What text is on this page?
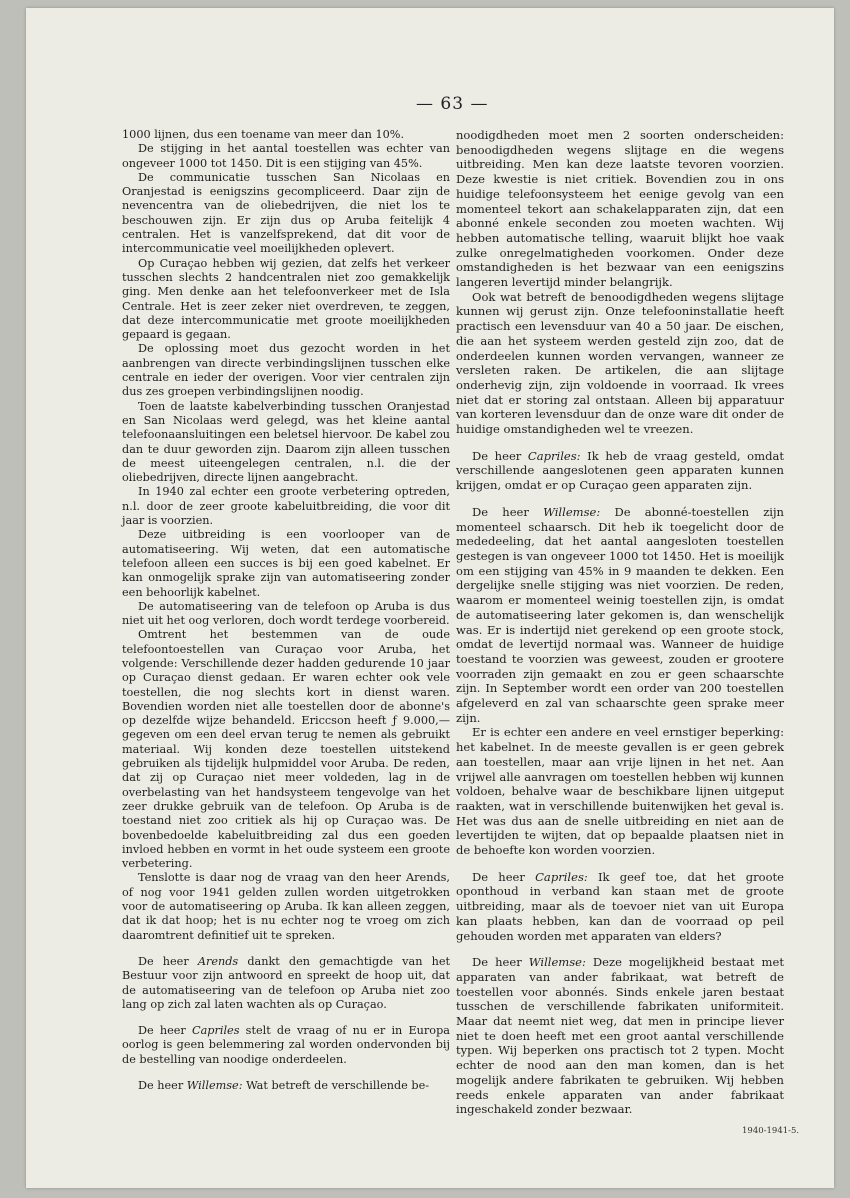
— 63 —

1000 lijnen, dus een toename van meer dan 10%.

De stijging in het aantal toestellen was echter van ongeveer 1000 tot 1450. Dit is een stijging van 45%.

De communicatie tusschen San Nicolaas en Oranjestad is eenigszins gecompliceerd. Daar zijn de nevencentra van de oliebedrijven, die niet los te beschouwen zijn. Er zijn dus op Aruba feitelijk 4 centralen. Het is vanzelfsprekend, dat dit voor de intercommunicatie veel moeilijkheden oplevert.

Op Curaçao hebben wij gezien, dat zelfs het verkeer tusschen slechts 2 handcentralen niet zoo gemakkelijk ging. Men denke aan het telefoonverkeer met de Isla Centrale. Het is zeer zeker niet overdreven, te zeggen, dat deze intercommunicatie met groote moeilijkheden gepaard is gegaan.

De oplossing moet dus gezocht worden in het aanbrengen van directe verbindingslijnen tusschen elke centrale en ieder der overigen. Voor vier centralen zijn dus zes groepen verbindingslijnen noodig.

Toen de laatste kabelverbinding tusschen Oranjestad en San Nicolaas werd gelegd, was het kleine aantal telefoonaansluitingen een beletsel hiervoor. De kabel zou dan te duur geworden zijn. Daarom zijn alleen tusschen de meest uiteengelegen centralen, n.l. die der oliebedrijven, directe lijnen aangebracht.

In 1940 zal echter een groote verbetering optreden, n.l. door de zeer groote kabeluitbreiding, die voor dit jaar is voorzien.

Deze uitbreiding is een voorlooper van de automatiseering. Wij weten, dat een automatische telefoon alleen een succes is bij een goed kabelnet. Er kan onmogelijk sprake zijn van automatiseering zonder een behoorlijk kabelnet.

De automatiseering van de telefoon op Aruba is dus niet uit het oog verloren, doch wordt terdege voorbereid.

Omtrent het bestemmen van de oude telefoontoestellen van Curaçao voor Aruba, het volgende: Verschillende dezer hadden gedurende 10 jaar op Curaçao dienst gedaan. Er waren echter ook vele toestellen, die nog slechts kort in dienst waren. Bovendien worden niet alle toestellen door de abonne's op dezelfde wijze behandeld. Ericcson heeft ƒ 9.000,— gegeven om een deel ervan terug te nemen als gebruikt materiaal. Wij konden deze toestellen uitstekend gebruiken als tijdelijk hulpmiddel voor Aruba. De reden, dat zij op Curaçao niet meer voldeden, lag in de overbelasting van het handsysteem tengevolge van het zeer drukke gebruik van de telefoon. Op Aruba is de toestand niet zoo critiek als hij op Curaçao was. De bovenbedoelde kabeluitbreiding zal dus een goeden invloed hebben en vormt in het oude systeem een groote verbetering.

Tenslotte is daar nog de vraag van den heer Arends, of nog voor 1941 gelden zullen worden uitgetrokken voor de automatiseering op Aruba. Ik kan alleen zeggen, dat ik dat hoop; het is nu echter nog te vroeg om zich daaromtrent definitief uit te spreken.

De heer Arends dankt den gemachtigde van het Bestuur voor zijn antwoord en spreekt de hoop uit, dat de automatiseering van de telefoon op Aruba niet zoo lang op zich zal laten wachten als op Curaçao.

De heer Capriles stelt de vraag of nu er in Europa oorlog is geen belemmering zal worden ondervonden bij de bestelling van noodige onderdeelen.

De heer Willemse: Wat betreft de verschillende be-

noodigdheden moet men 2 soorten onderscheiden: benoodigdheden wegens slijtage en die wegens uitbreiding. Men kan deze laatste tevoren voorzien. Deze kwestie is niet critiek. Bovendien zou in ons huidige telefoonsysteem het eenige gevolg van een momenteel tekort aan schakelapparaten zijn, dat een abonné enkele seconden zou moeten wachten. Wij hebben automatische telling, waaruit blijkt hoe vaak zulke onregelmatigheden voorkomen. Onder deze omstandigheden is het bezwaar van een eenigszins langeren levertijd minder belangrijk.

Ook wat betreft de benoodigdheden wegens slijtage kunnen wij gerust zijn. Onze telefooninstallatie heeft practisch een levensduur van 40 a 50 jaar. De eischen, die aan het systeem werden gesteld zijn zoo, dat de onderdeelen kunnen worden vervangen, wanneer ze versleten raken. De artikelen, die aan slijtage onderhevig zijn, zijn voldoende in voorraad. Ik vrees niet dat er storing zal ontstaan. Alleen bij apparatuur van korteren levensduur dan de onze ware dit onder de huidige omstandigheden wel te vreezen.

De heer Capriles: Ik heb de vraag gesteld, omdat verschillende aangeslotenen geen apparaten kunnen krijgen, omdat er op Curaçao geen apparaten zijn.

De heer Willemse: De abonné-toestellen zijn momenteel schaarsch. Dit heb ik toegelicht door de mededeeling, dat het aantal aangesloten toestellen gestegen is van ongeveer 1000 tot 1450. Het is moeilijk om een stijging van 45% in 9 maanden te dekken. Een dergelijke snelle stijging was niet voorzien. De reden, waarom er momenteel weinig toestellen zijn, is omdat de automatiseering later gekomen is, dan wenschelijk was. Er is indertijd niet gerekend op een groote stock, omdat de levertijd normaal was. Wanneer de huidige toestand te voorzien was geweest, zouden er grootere voorraden zijn gemaakt en zou er geen schaarschte zijn. In September wordt een order van 200 toestellen afgeleverd en zal van schaarschte geen sprake meer zijn.

Er is echter een andere en veel ernstiger beperking: het kabelnet. In de meeste gevallen is er geen gebrek aan toestellen, maar aan vrije lijnen in het net. Aan vrijwel alle aanvragen om toestellen hebben wij kunnen voldoen, behalve waar de beschikbare lijnen uitgeput raakten, wat in verschillende buitenwijken het geval is. Het was dus aan de snelle uitbreiding en niet aan de levertijden te wijten, dat op bepaalde plaatsen niet in de behoefte kon worden voorzien.

De heer Capriles: Ik geef toe, dat het groote oponthoud in verband kan staan met de groote uitbreiding, maar als de toevoer niet van uit Europa kan plaats hebben, kan dan de voorraad op peil gehouden worden met apparaten van elders?

De heer Willemse: Deze mogelijkheid bestaat met apparaten van ander fabrikaat, wat betreft de toestellen voor abonnés. Sinds enkele jaren bestaat tusschen de verschillende fabrikaten uniformiteit. Maar dat neemt niet weg, dat men in principe liever niet te doen heeft met een groot aantal verschillende typen. Wij beperken ons practisch tot 2 typen. Mocht echter de nood aan den man komen, dan is het mogelijk andere fabrikaten te gebruiken. Wij hebben reeds enkele apparaten van ander fabrikaat ingeschakeld zonder bezwaar.

1940-1941-5.
